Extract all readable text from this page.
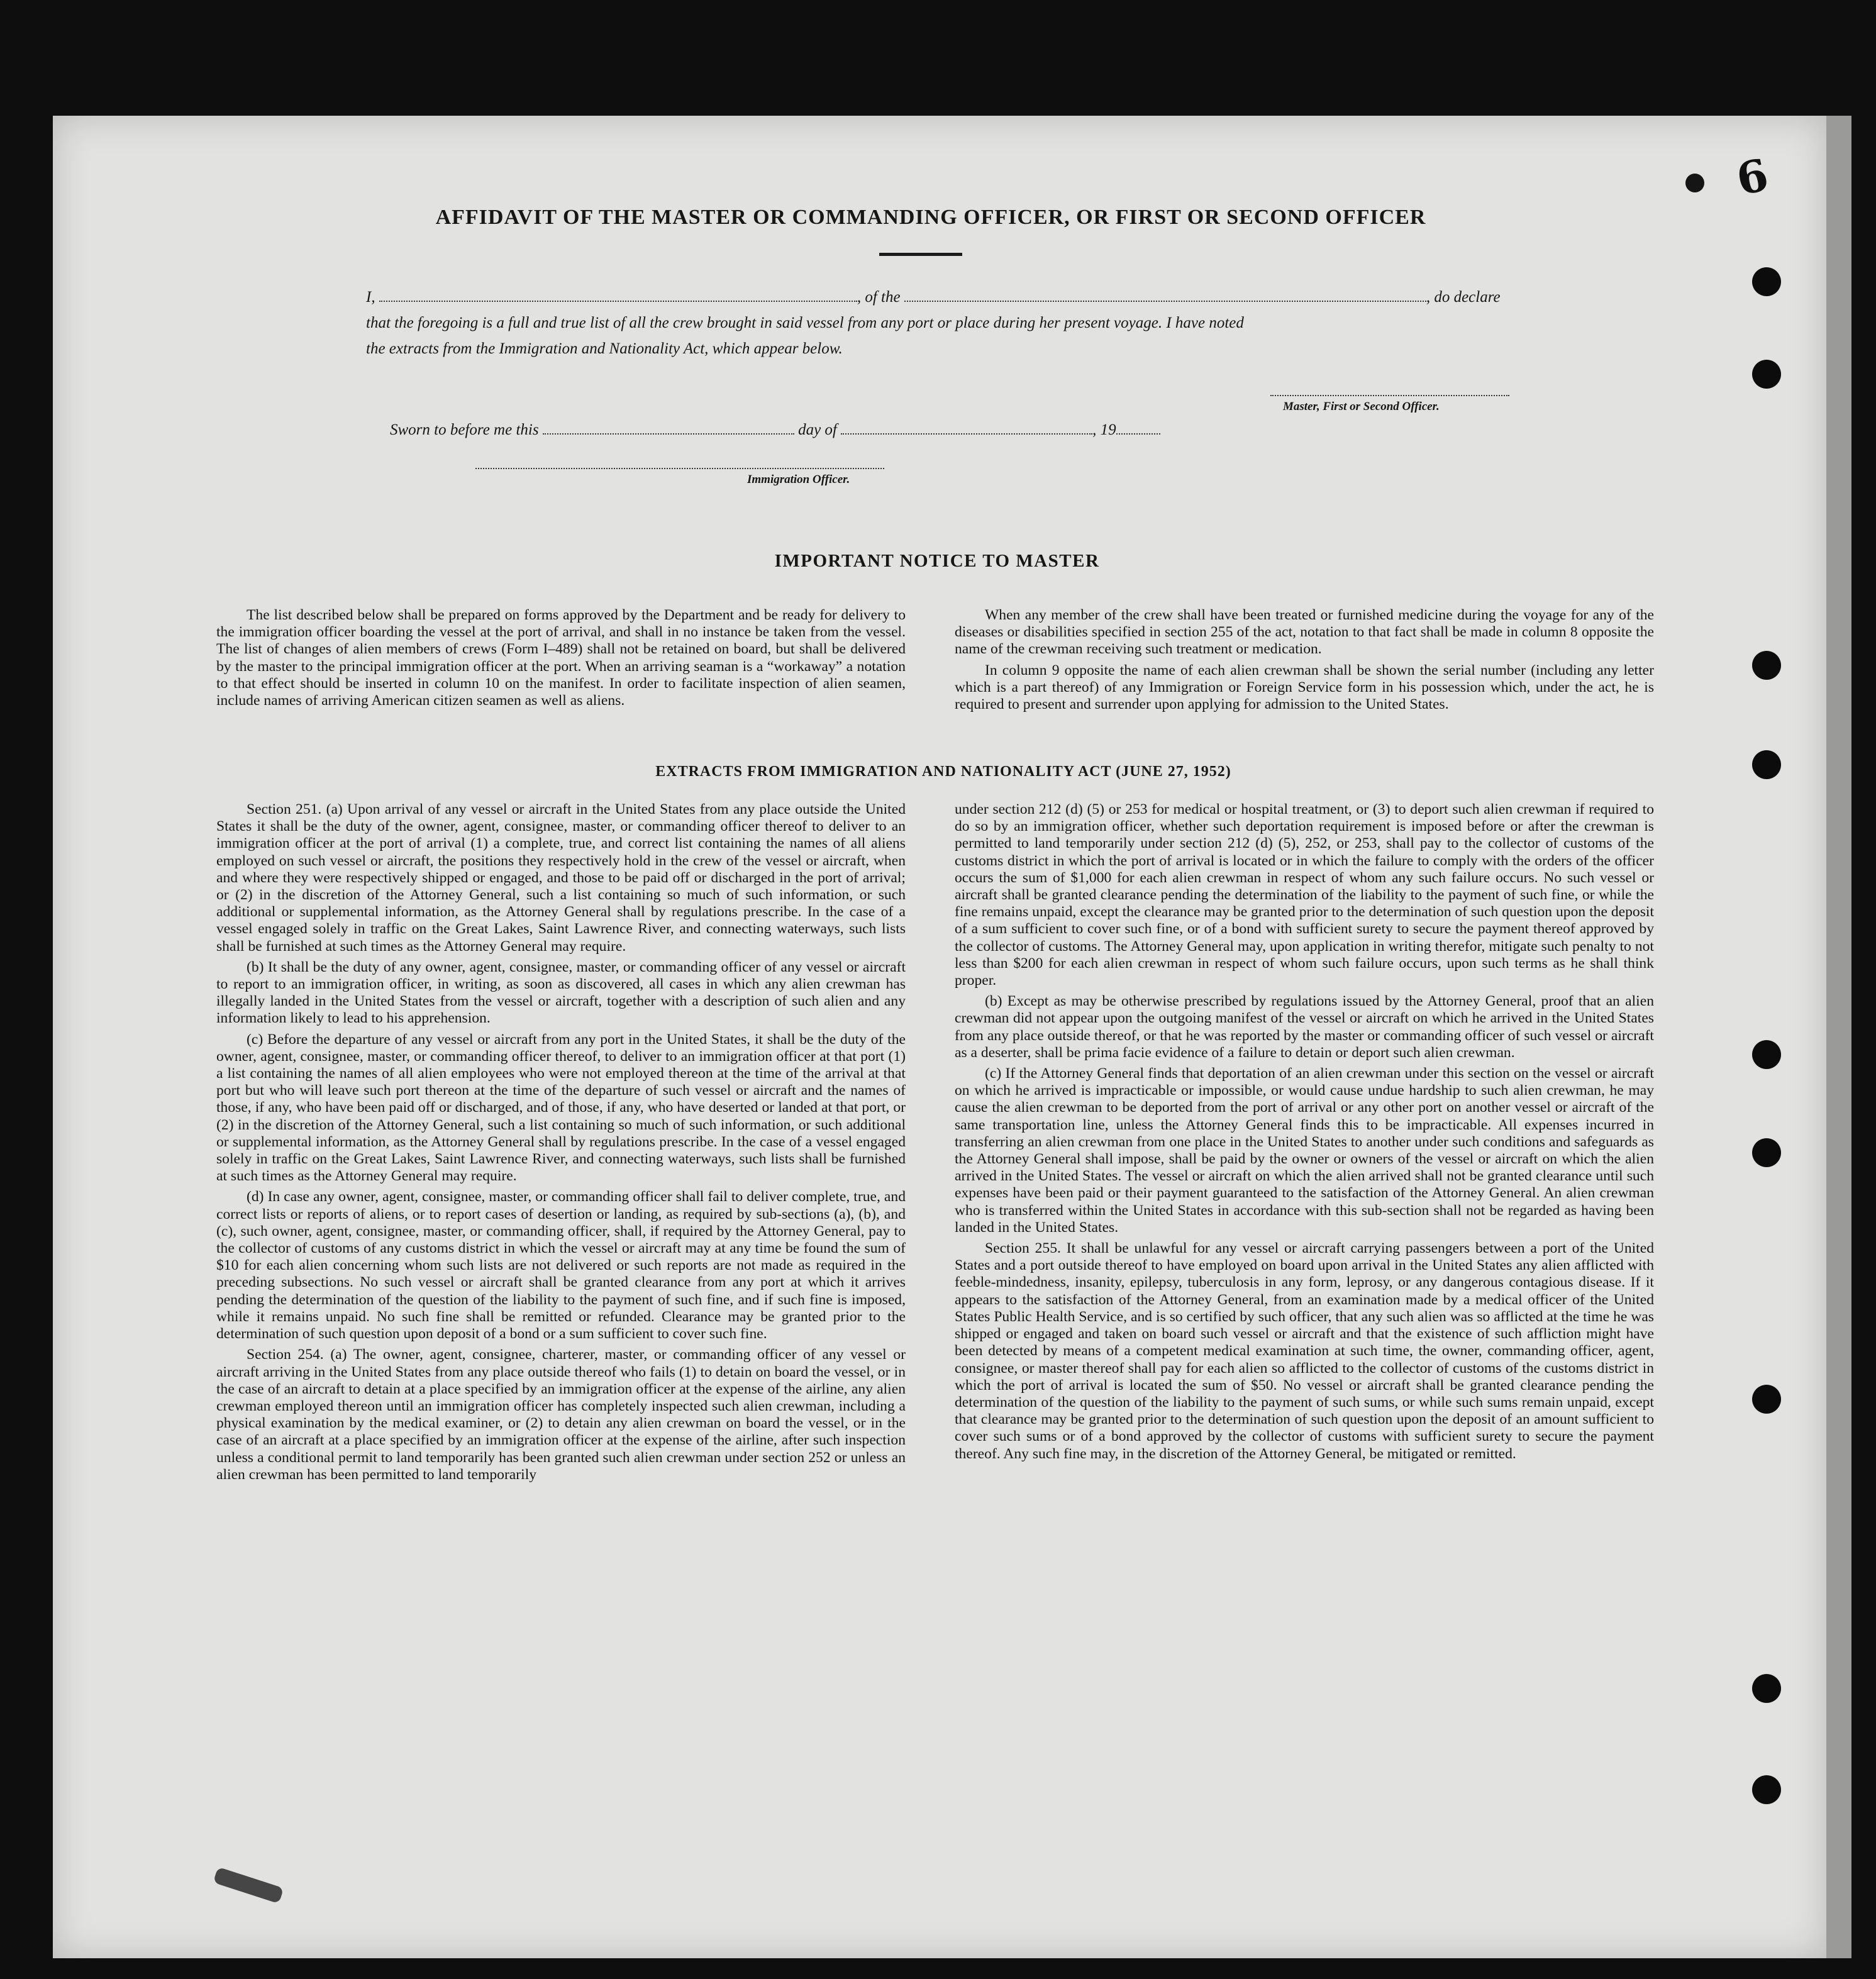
6
AFFIDAVIT OF THE MASTER OR COMMANDING OFFICER, OR FIRST OR SECOND OFFICER
I,	, of the	, do declare
that the foregoing is a full and true list of all the crew brought in said vessel from any port or place during her present voyage. I have noted
the extracts from the Immigration and Nationality Act, which appear below.
Master, First or Second Officer.
Sworn to before me this	day of	, 19
Immigration Officer.
IMPORTANT NOTICE TO MASTER

The list described below shall be prepared on forms approved by the Department and be ready for delivery to the immigration officer boarding the vessel at the port of arrival, and shall in no instance be taken from the vessel. The list of changes of alien members of crews (Form I–489) shall not be retained on board, but shall be delivered by the master to the principal immigration officer at the port. When an arriving seaman is a “workaway” a notation to that effect should be inserted in column 10 on the manifest. In order to facilitate inspection of alien seamen, include names of arriving American citizen seamen as well as aliens.

When any member of the crew shall have been treated or furnished medicine during the voyage for any of the diseases or disabilities specified in section 255 of the act, notation to that fact shall be made in column 8 opposite the name of the crewman receiving such treatment or medication.

In column 9 opposite the name of each alien crewman shall be shown the serial number (including any letter which is a part thereof) of any Immigration or Foreign Service form in his possession which, under the act, he is required to present and surrender upon applying for admission to the United States.

EXTRACTS FROM IMMIGRATION AND NATIONALITY ACT (JUNE 27, 1952)

Section 251. (a) Upon arrival of any vessel or aircraft in the United States from any place outside the United States it shall be the duty of the owner, agent, consignee, master, or commanding officer thereof to deliver to an immigration officer at the port of arrival (1) a complete, true, and correct list containing the names of all aliens employed on such vessel or aircraft, the positions they respectively hold in the crew of the vessel or aircraft, when and where they were respectively shipped or engaged, and those to be paid off or discharged in the port of arrival; or (2) in the discretion of the Attorney General, such a list containing so much of such information, or such additional or supplemental information, as the Attorney General shall by regulations prescribe. In the case of a vessel engaged solely in traffic on the Great Lakes, Saint Lawrence River, and connecting waterways, such lists shall be furnished at such times as the Attorney General may require.

(b) It shall be the duty of any owner, agent, consignee, master, or commanding officer of any vessel or aircraft to report to an immigration officer, in writing, as soon as discovered, all cases in which any alien crewman has illegally landed in the United States from the vessel or aircraft, together with a description of such alien and any information likely to lead to his apprehension.

(c) Before the departure of any vessel or aircraft from any port in the United States, it shall be the duty of the owner, agent, consignee, master, or commanding officer thereof, to deliver to an immigration officer at that port (1) a list containing the names of all alien employees who were not employed thereon at the time of the arrival at that port but who will leave such port thereon at the time of the departure of such vessel or aircraft and the names of those, if any, who have been paid off or discharged, and of those, if any, who have deserted or landed at that port, or (2) in the discretion of the Attorney General, such a list containing so much of such information, or such additional or supplemental information, as the Attorney General shall by regulations prescribe. In the case of a vessel engaged solely in traffic on the Great Lakes, Saint Lawrence River, and connecting waterways, such lists shall be furnished at such times as the Attorney General may require.

(d) In case any owner, agent, consignee, master, or commanding officer shall fail to deliver complete, true, and correct lists or reports of aliens, or to report cases of desertion or landing, as required by sub-sections (a), (b), and (c), such owner, agent, consignee, master, or commanding officer, shall, if required by the Attorney General, pay to the collector of customs of any customs district in which the vessel or aircraft may at any time be found the sum of $10 for each alien concerning whom such lists are not delivered or such reports are not made as required in the preceding subsections. No such vessel or aircraft shall be granted clearance from any port at which it arrives pending the determination of the question of the liability to the payment of such fine, and if such fine is imposed, while it remains unpaid. No such fine shall be remitted or refunded. Clearance may be granted prior to the determination of such question upon deposit of a bond or a sum sufficient to cover such fine.

Section 254. (a) The owner, agent, consignee, charterer, master, or commanding officer of any vessel or aircraft arriving in the United States from any place outside thereof who fails (1) to detain on board the vessel, or in the case of an aircraft to detain at a place specified by an immigration officer at the expense of the airline, any alien crewman employed thereon until an immigration officer has completely inspected such alien crewman, including a physical examination by the medical examiner, or (2) to detain any alien crewman on board the vessel, or in the case of an aircraft at a place specified by an immigration officer at the expense of the airline, after such inspection unless a conditional permit to land temporarily has been granted such alien crewman under section 252 or unless an alien crewman has been permitted to land temporarily

under section 212 (d) (5) or 253 for medical or hospital treatment, or (3) to deport such alien crewman if required to do so by an immigration officer, whether such deportation requirement is imposed before or after the crewman is permitted to land temporarily under section 212 (d) (5), 252, or 253, shall pay to the collector of customs of the customs district in which the port of arrival is located or in which the failure to comply with the orders of the officer occurs the sum of $1,000 for each alien crewman in respect of whom any such failure occurs. No such vessel or aircraft shall be granted clearance pending the determination of the liability to the payment of such fine, or while the fine remains unpaid, except the clearance may be granted prior to the determination of such question upon the deposit of a sum sufficient to cover such fine, or of a bond with sufficient surety to secure the payment thereof approved by the collector of customs. The Attorney General may, upon application in writing therefor, mitigate such penalty to not less than $200 for each alien crewman in respect of whom such failure occurs, upon such terms as he shall think proper.

(b) Except as may be otherwise prescribed by regulations issued by the Attorney General, proof that an alien crewman did not appear upon the outgoing manifest of the vessel or aircraft on which he arrived in the United States from any place outside thereof, or that he was reported by the master or commanding officer of such vessel or aircraft as a deserter, shall be prima facie evidence of a failure to detain or deport such alien crewman.

(c) If the Attorney General finds that deportation of an alien crewman under this section on the vessel or aircraft on which he arrived is impracticable or impossible, or would cause undue hardship to such alien crewman, he may cause the alien crewman to be deported from the port of arrival or any other port on another vessel or aircraft of the same transportation line, unless the Attorney General finds this to be impracticable. All expenses incurred in transferring an alien crewman from one place in the United States to another under such conditions and safeguards as the Attorney General shall impose, shall be paid by the owner or owners of the vessel or aircraft on which the alien arrived in the United States. The vessel or aircraft on which the alien arrived shall not be granted clearance until such expenses have been paid or their payment guaranteed to the satisfaction of the Attorney General. An alien crewman who is transferred within the United States in accordance with this sub-section shall not be regarded as having been landed in the United States.

Section 255. It shall be unlawful for any vessel or aircraft carrying passengers between a port of the United States and a port outside thereof to have employed on board upon arrival in the United States any alien afflicted with feeble-mindedness, insanity, epilepsy, tuberculosis in any form, leprosy, or any dangerous contagious disease. If it appears to the satisfaction of the Attorney General, from an examination made by a medical officer of the United States Public Health Service, and is so certified by such officer, that any such alien was so afflicted at the time he was shipped or engaged and taken on board such vessel or aircraft and that the existence of such affliction might have been detected by means of a competent medical examination at such time, the owner, commanding officer, agent, consignee, or master thereof shall pay for each alien so afflicted to the collector of customs of the customs district in which the port of arrival is located the sum of $50. No vessel or aircraft shall be granted clearance pending the determination of the question of the liability to the payment of such sums, or while such sums remain unpaid, except that clearance may be granted prior to the determination of such question upon the deposit of an amount sufficient to cover such sums or of a bond approved by the collector of customs with sufficient surety to secure the payment thereof. Any such fine may, in the discretion of the Attorney General, be mitigated or remitted.
